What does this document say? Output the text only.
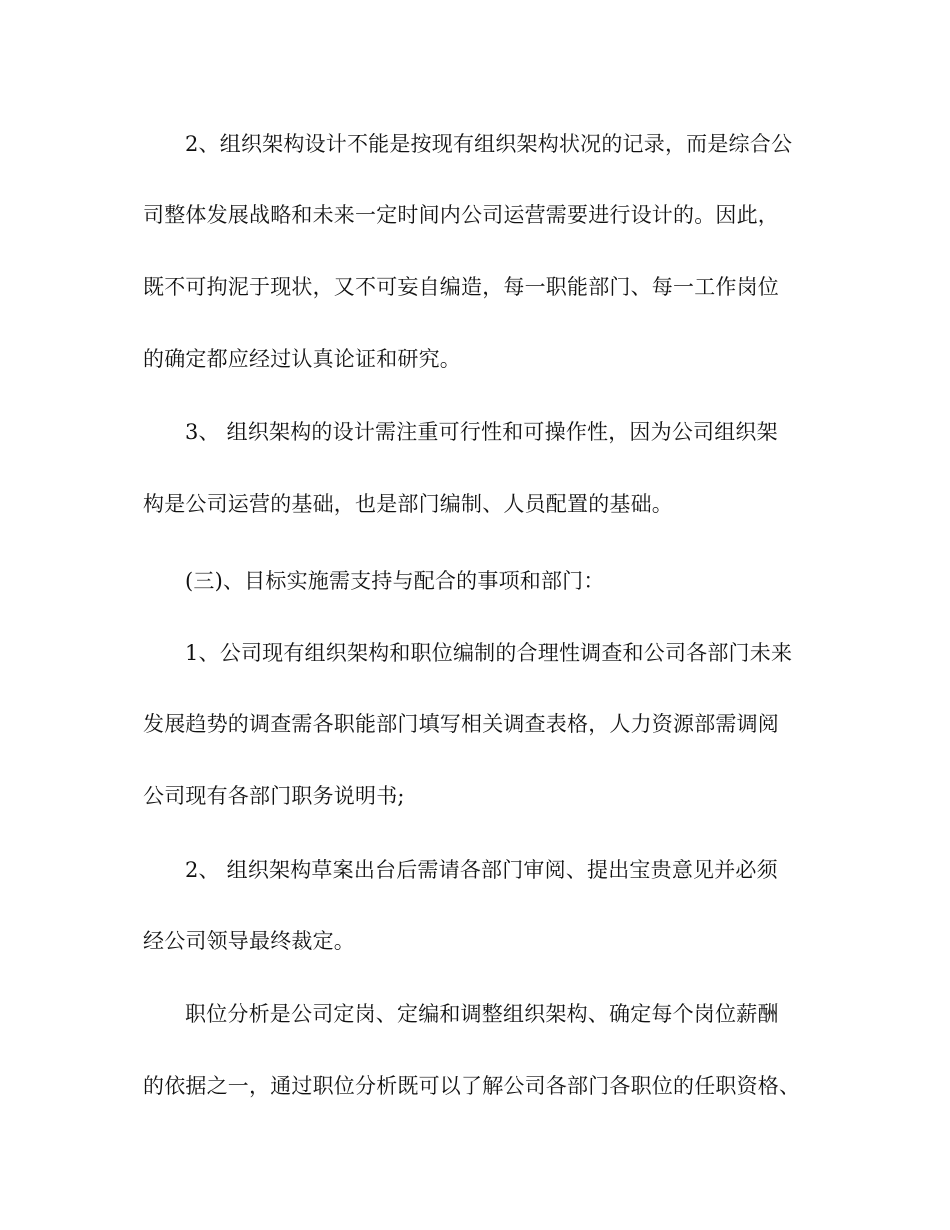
2、组织架构设计不能是按现有组织架构状况的记录，而是综合公
司整体发展战略和未来一定时间内公司运营需要进行设计的。因此，
既不可拘泥于现状，又不可妄自编造，每一职能部门、每一工作岗位
的确定都应经过认真论证和研究。
3、 组织架构的设计需注重可行性和可操作性，因为公司组织架
构是公司运营的基础，也是部门编制、人员配置的基础。
(三)、目标实施需支持与配合的事项和部门：
1、公司现有组织架构和职位编制的合理性调查和公司各部门未来
发展趋势的调查需各职能部门填写相关调查表格，人力资源部需调阅
公司现有各部门职务说明书;
2、 组织架构草案出台后需请各部门审阅、提出宝贵意见并必须
经公司领导最终裁定。
职位分析是公司定岗、定编和调整组织架构、确定每个岗位薪酬
的依据之一，通过职位分析既可以了解公司各部门各职位的任职资格、
